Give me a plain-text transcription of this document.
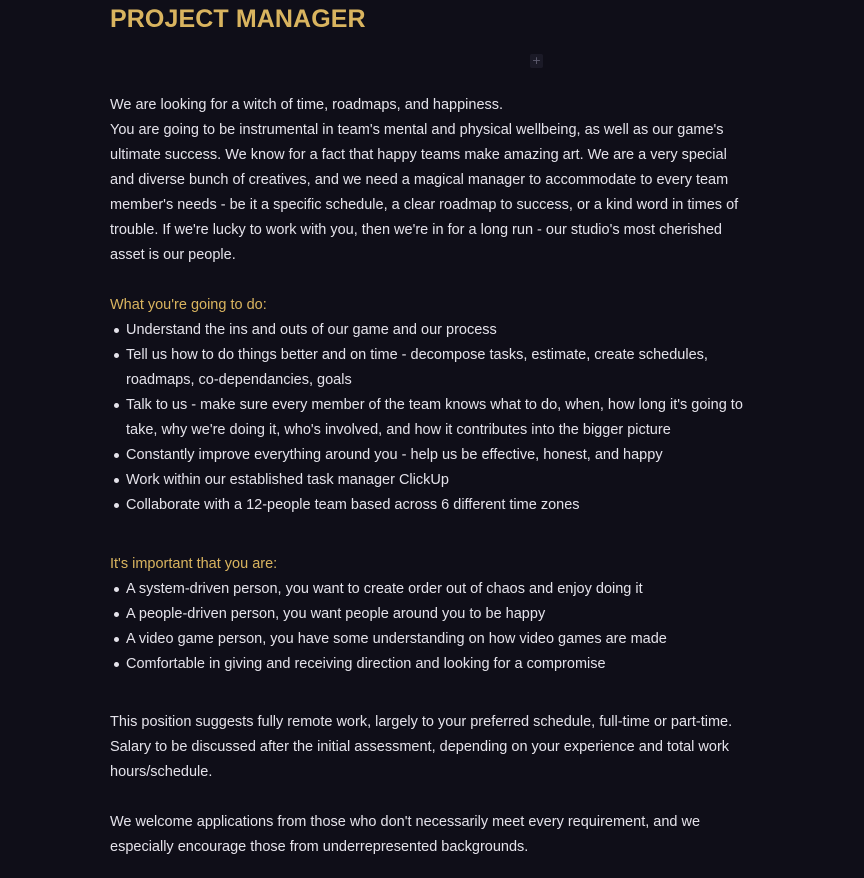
PROJECT MANAGER
+

We are looking for a witch of time, roadmaps, and happiness.

You are going to be instrumental in team's mental and physical wellbeing, as well as our game's ultimate success. We know for a fact that happy teams make amazing art. We are a very special and diverse bunch of creatives, and we need a magical manager to accommodate to every team member's needs - be it a specific schedule, a clear roadmap to success, or a kind word in times of trouble. If we're lucky to work with you, then we're in for a long run - our studio's most cherished asset is our people.

What you're going to do:

Understand the ins and outs of our game and our process
Tell us how to do things better and on time - decompose tasks, estimate, create schedules, roadmaps, co-dependancies, goals
Talk to us - make sure every member of the team knows what to do, when, how long it's going to take, why we're doing it, who's involved, and how it contributes into the bigger picture
Constantly improve everything around you - help us be effective, honest, and happy
Work within our established task manager ClickUp
Collaborate with a 12-people team based across 6 different time zones

It's important that you are:

A system-driven person, you want to create order out of chaos and enjoy doing it
A people-driven person, you want people around you to be happy
A video game person, you have some understanding on how video games are made
Comfortable in giving and receiving direction and looking for a compromise

This position suggests fully remote work, largely to your preferred schedule, full-time or part-time. Salary to be discussed after the initial assessment, depending on your experience and total work hours/schedule.

We welcome applications from those who don't necessarily meet every requirement, and we especially encourage those from underrepresented backgrounds.
